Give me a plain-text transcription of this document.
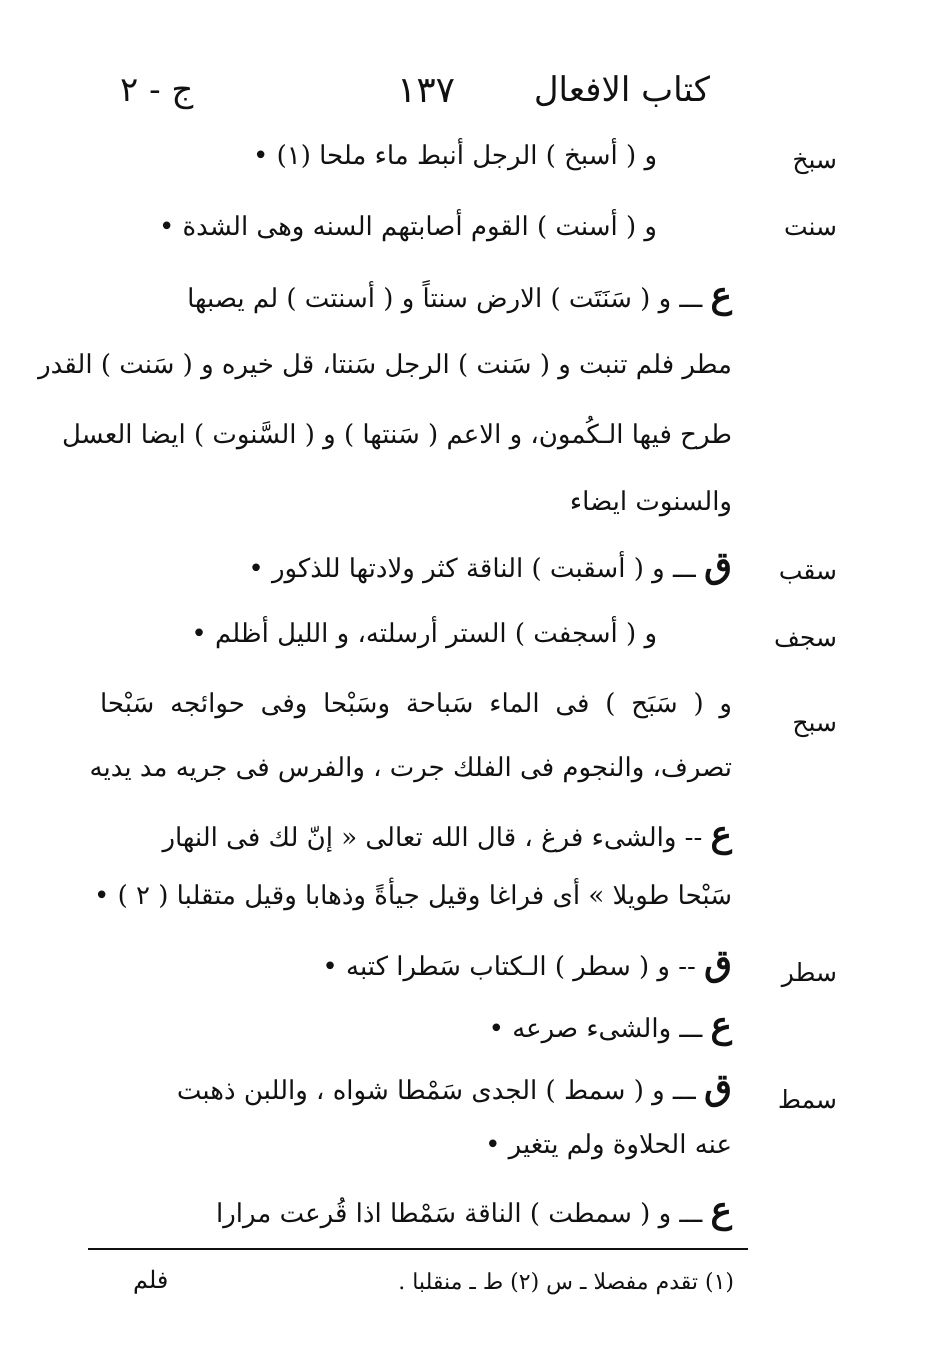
كتاب الافعال
١٣٧
ج - ٢
سبخ
سنت
سقب
سجف
سبح
سطر
سمط
و ( أسبخ ) الرجل أنبط ماء ملحا (١) •
و ( أسنت ) القوم أصابتهم السنه وهى الشدة •
ع ـــ و ( سَنَتَت ) الارض سنتاً و ( أسنتت ) لم يصبها
مطر فلم تنبت و ( سَنت ) الرجل سَنتا، قل خيره و ( سَنت ) القدر
طرح فيها الـكُمون، و الاعم ( سَنتها ) و ( السَّنوت ) ايضا العسل
والسنوت ايضاء
ق ـــ و ( أسقبت ) الناقة كثر ولادتها للذكور •
و ( أسجفت ) الستر أرسلته، و الليل أظلم •
و ( سَبَح ) فى الماء سَباحة وسَبْحا وفى حوائجه سَبْحا
تصرف، والنجوم فى الفلك جرت ، والفرس فى جريه مد يديه
ع -- والشىء فرغ ، قال الله تعالى « إنّ لك فى النهار
سَبْحا طويلا » أى فراغا وقيل جيأةً وذهابا وقيل متقلبا ( ٢ ) •
ق -- و ( سطر ) الـكتاب سَطرا كتبه •
ع ـــ والشىء صرعه •
ق ـــ و ( سمط ) الجدى سَمْطا شواه ، واللبن ذهبت
عنه الحلاوة ولم يتغير •
ع ـــ و ( سمطت ) الناقة سَمْطا اذا قُرعت مرارا
(١) تقدم مفصلا ـ س (٢) ط ـ منقلبا .
فلم
